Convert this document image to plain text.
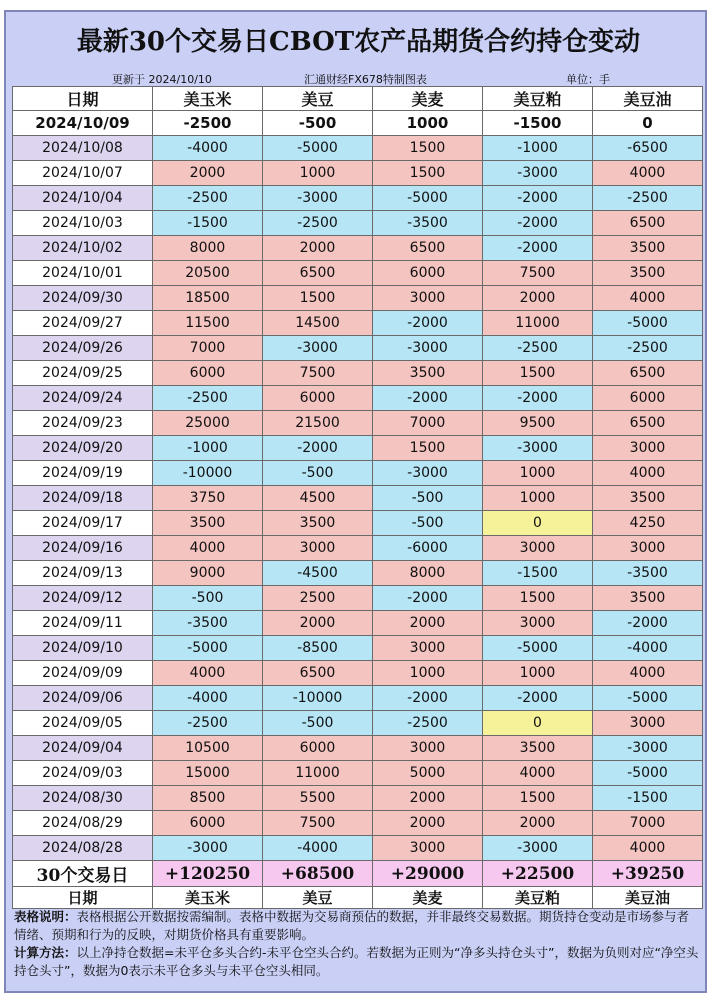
最新30个交易日CBOT农产品期货合约持仓变动
更新于 2024/10/10	汇通财经FX678特制图表	单位：手
日期	美玉米	美豆	美麦	美豆粕	美豆油
2024/10/09	-2500	-500	1000	-1500	0
2024/10/08	-4000	-5000	1500	-1000	-6500
2024/10/07	2000	1000	1500	-3000	4000
2024/10/04	-2500	-3000	-5000	-2000	-2500
2024/10/03	-1500	-2500	-3500	-2000	6500
2024/10/02	8000	2000	6500	-2000	3500
2024/10/01	20500	6500	6000	7500	3500
2024/09/30	18500	1500	3000	2000	4000
2024/09/27	11500	14500	-2000	11000	-5000
2024/09/26	7000	-3000	-3000	-2500	-2500
2024/09/25	6000	7500	3500	1500	6500
2024/09/24	-2500	6000	-2000	-2000	6000
2024/09/23	25000	21500	7000	9500	6500
2024/09/20	-1000	-2000	1500	-3000	3000
2024/09/19	-10000	-500	-3000	1000	4000
2024/09/18	3750	4500	-500	1000	3500
2024/09/17	3500	3500	-500	0	4250
2024/09/16	4000	3000	-6000	3000	3000
2024/09/13	9000	-4500	8000	-1500	-3500
2024/09/12	-500	2500	-2000	1500	3500
2024/09/11	-3500	2000	2000	3000	-2000
2024/09/10	-5000	-8500	3000	-5000	-4000
2024/09/09	4000	6500	1000	1000	4000
2024/09/06	-4000	-10000	-2000	-2000	-5000
2024/09/05	-2500	-500	-2500	0	3000
2024/09/04	10500	6000	3000	3500	-3000
2024/09/03	15000	11000	5000	4000	-5000
2024/08/30	8500	5500	2000	1500	-1500
2024/08/29	6000	7500	2000	2000	7000
2024/08/28	-3000	-4000	3000	-3000	4000
30个交易日	+120250	+68500	+29000	+22500	+39250
日期	美玉米	美豆	美麦	美豆粕	美豆油
表格说明：表格根据公开数据按需编制。表格中数据为交易商预估的数据，并非最终交易数据。期货持仓变动是市场参与者情绪、预期和行为的反映，对期货价格具有重要影响。
计算方法：以上净持仓数据=未平仓多头合约-未平仓空头合约。若数据为正则为“净多头持仓头寸”，数据为负则对应“净空头持仓头寸”，数据为0表示未平仓多头与未平仓空头相同。
